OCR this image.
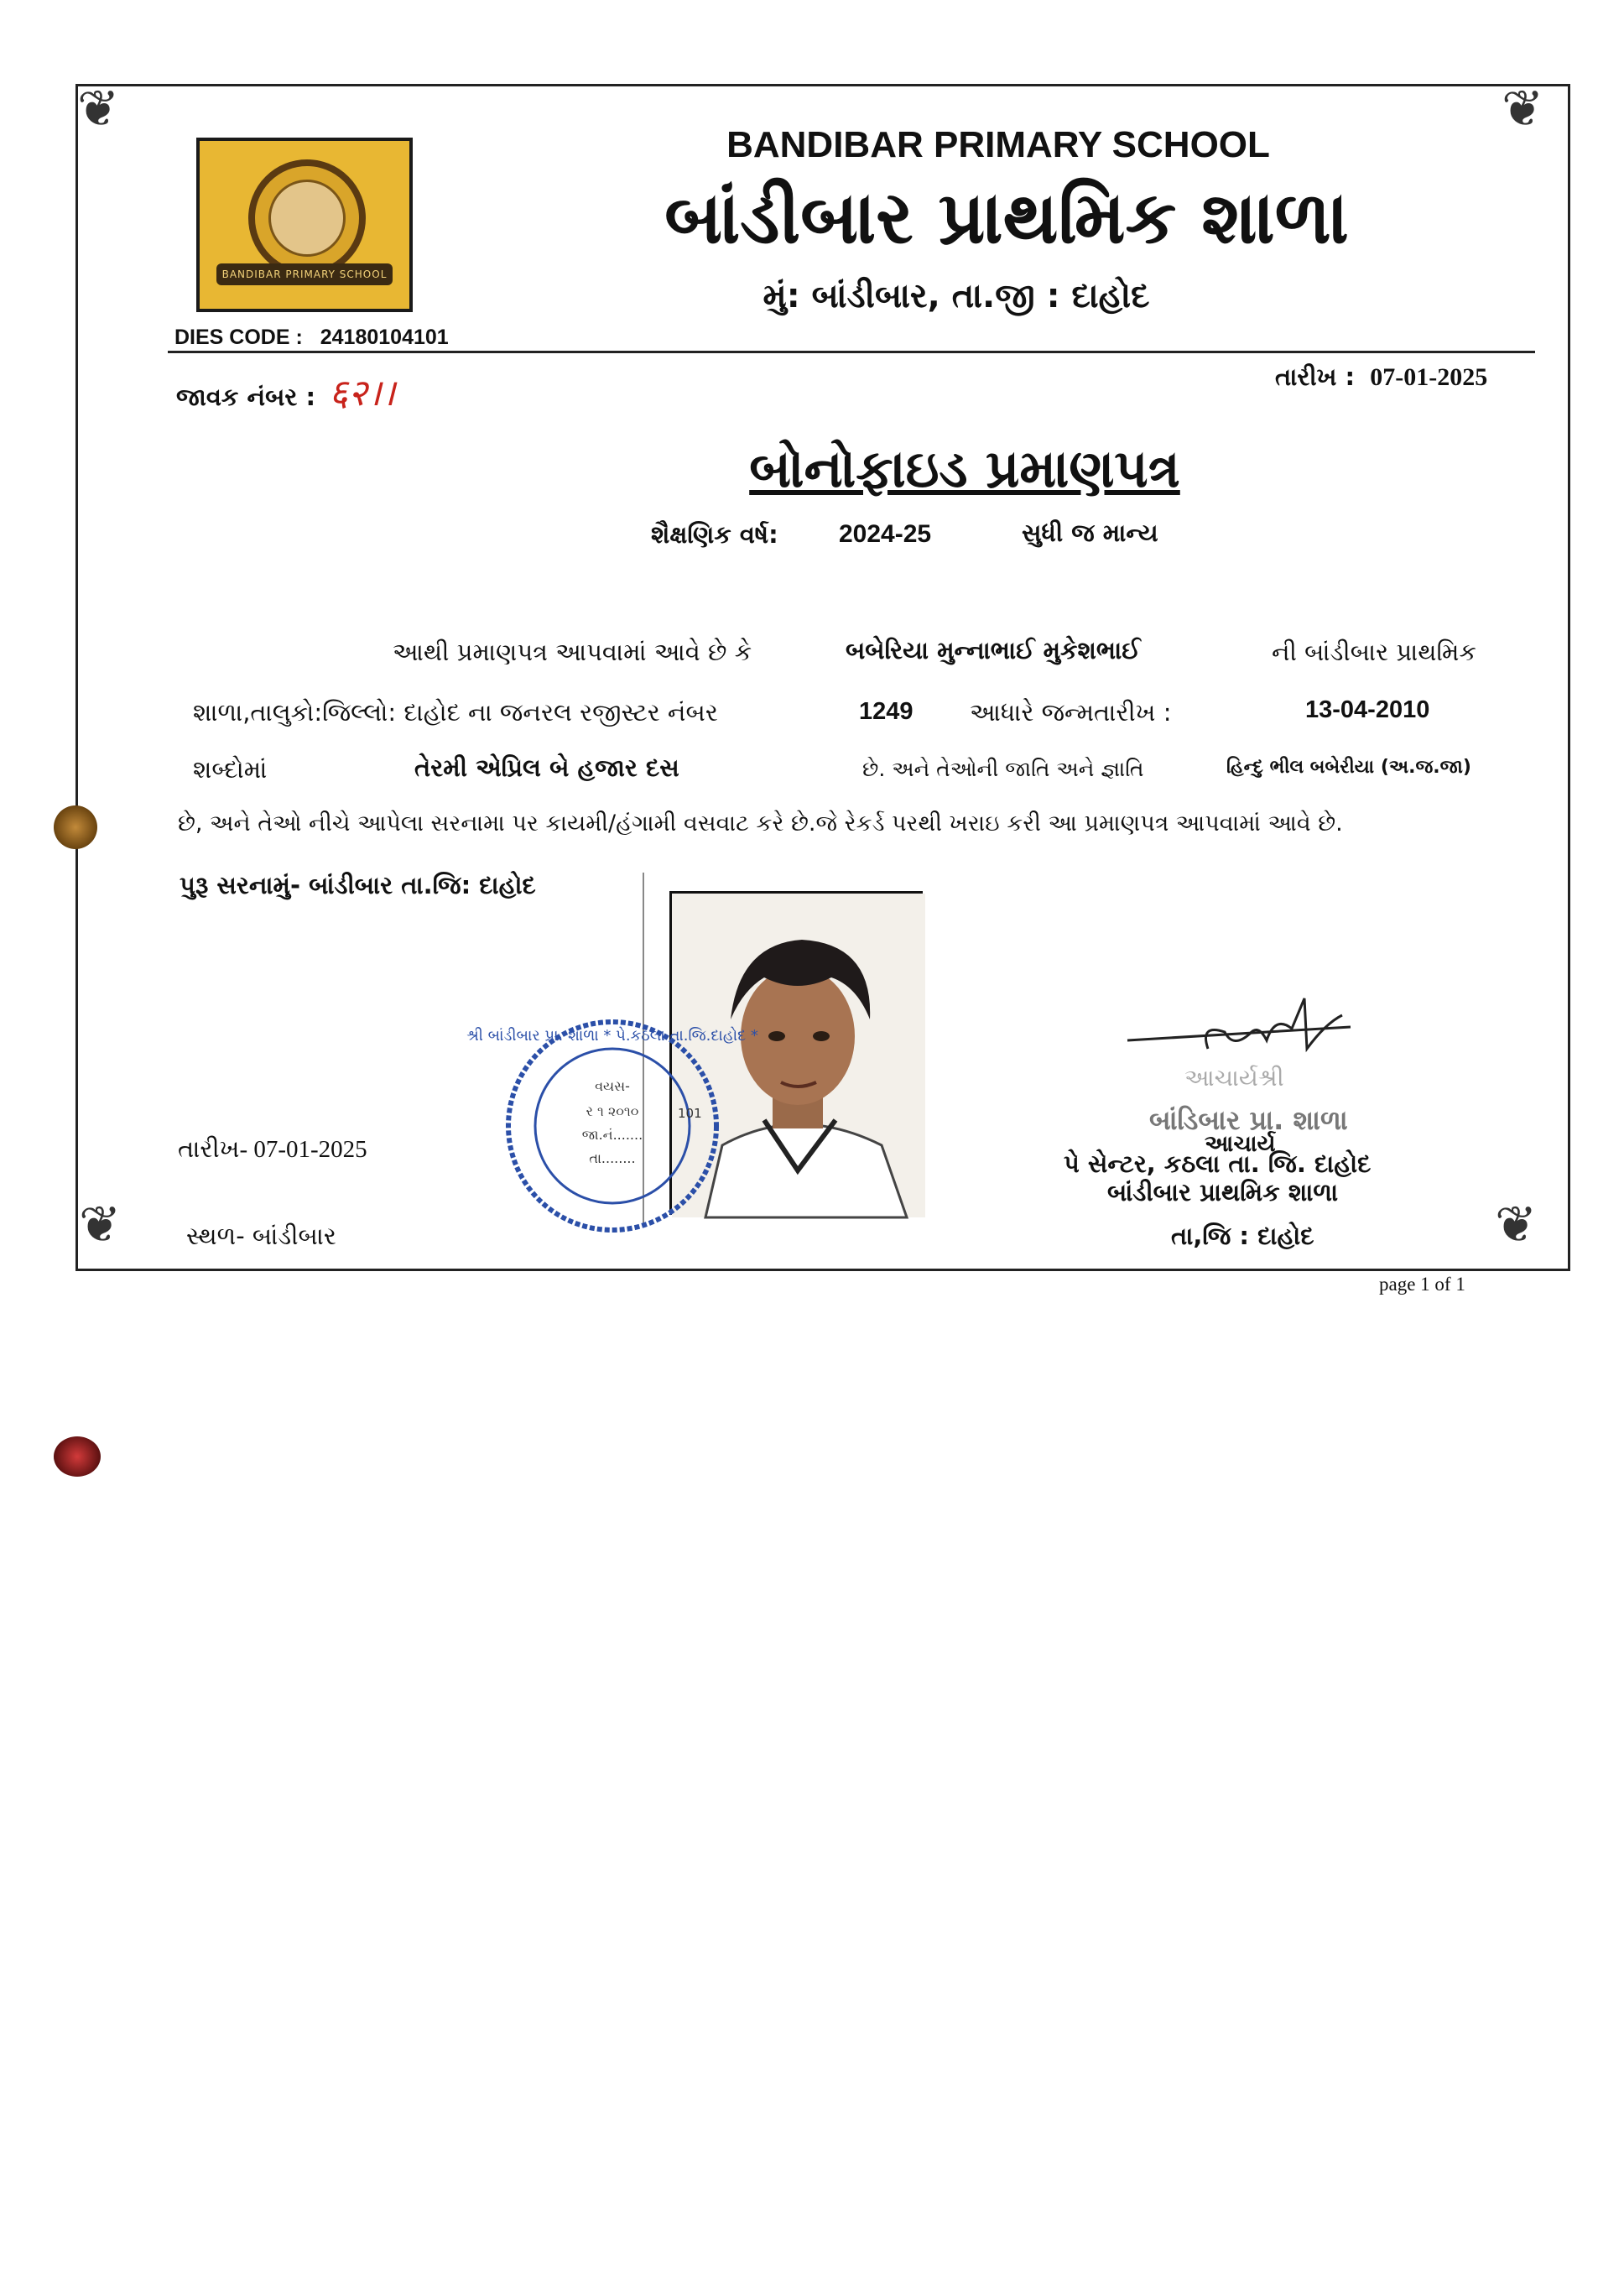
❦	❦
❦	❦
BANDIBAR PRIMARY SCHOOL
BANDIBAR PRIMARY SCHOOL
બાંડીબાર પ્રાથમિક શાળા
મું: બાંડીબાર, તા.જી : દાહોદ
DIES CODE : 24180104101
જાવક નંબર : ६२।।	તારીખ : 07-01-2025
બોનોફાઇડ પ્રમાણપત્ર
શૈક્ષણિક વર્ષ: 2024-25	સુધી જ માન્ય
આથી પ્રમાણપત્ર આપવામાં આવે છે કે	બબેરિયા મુન્નાભાઈ મુકેશભાઈ	ની બાંડીબાર પ્રાથમિક
શાળા,તાલુકો:જિલ્લો: દાહોદ ના જનરલ રજીસ્ટર નંબર	1249 આધારે જન્મતારીખ :	13-04-2010
શબ્દોમાં	તેરમી એપ્રિલ બે હજાર દસ	છે. અને તેઓની જાતિ અને જ્ઞાતિ	હિન્દુ ભીલ બબેરીયા (અ.જ.જા)
છે, અને તેઓ નીચે આપેલા સરનામા પર કાયમી/હંગામી વસવાટ કરે છે.જે રેકર્ડ પરથી ખરાઇ કરી આ પ્રમાણપત્ર આપવામાં આવે છે.
પુરૂ સરનામું- બાંડીબાર તા.જિ: દાહોદ
શ્રી બાંડીબાર પ્રા. શાળા * પે.કઠલા તા.જિ.દાહોદ *
વયસ-
ર ૧ ૨૦૧૦
જા.નં.......
તા........
101
તારીખ- 07-01-2025
સ્થળ- બાંડીબાર
આચાર્યશ્રી
બાંડિબાર પ્રા. શાળા
આચાર્ય
પે સેન્ટર, કઠલા તા. જિ. દાહોદ
બાંડીબાર પ્રાથમિક શાળા
તા,જિ : દાહોદ
page 1 of 1
